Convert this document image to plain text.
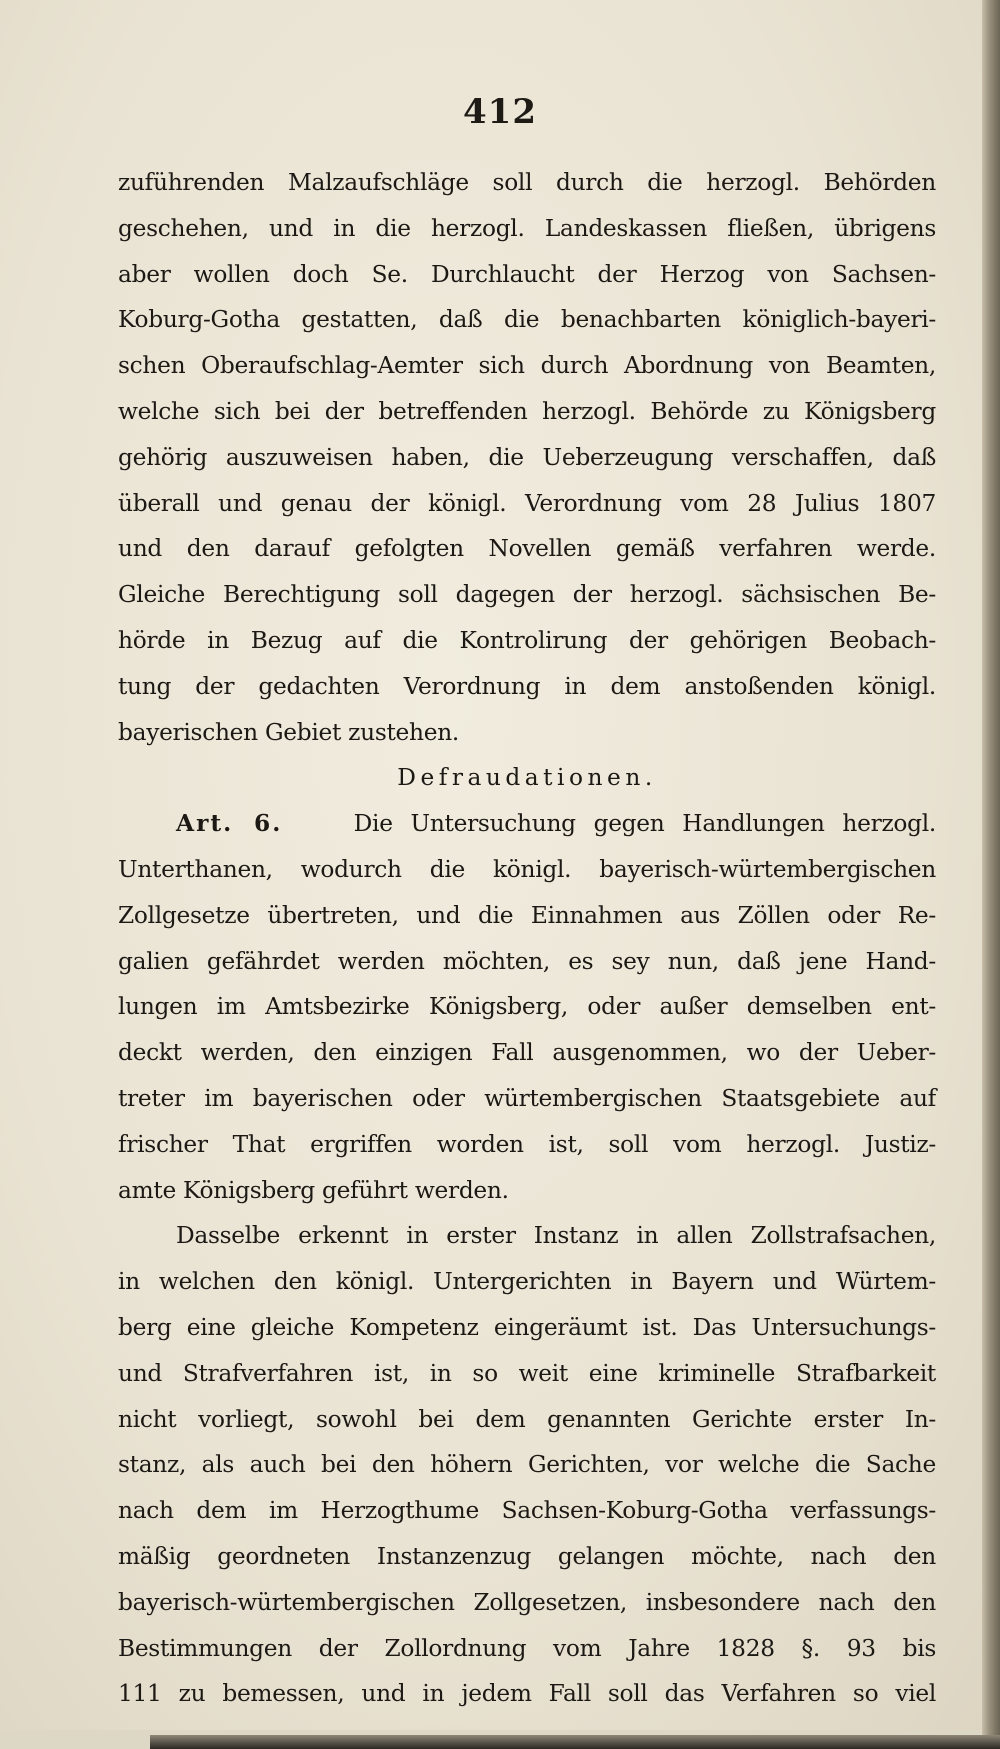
412
zuführenden Malzaufschläge soll durch die herzogl. Behörden
geschehen, und in die herzogl. Landeskassen fließen, übrigens
aber wollen doch Se. Durchlaucht der Herzog von Sachsen-
Koburg-Gotha gestatten, daß die benachbarten königlich-bayeri-
schen Oberaufschlag-Aemter sich durch Abordnung von Beamten,
welche sich bei der betreffenden herzogl. Behörde zu Königsberg
gehörig auszuweisen haben, die Ueberzeugung verschaffen, daß
überall und genau der königl. Verordnung vom 28 Julius 1807
und den darauf gefolgten Novellen gemäß verfahren werde.
Gleiche Berechtigung soll dagegen der herzogl. sächsischen Be-
hörde in Bezug auf die Kontrolirung der gehörigen Beobach-
tung der gedachten Verordnung in dem anstoßenden königl.
bayerischen Gebiet zustehen.
Defraudationen.
Art. 6.	Die Untersuchung gegen Handlungen herzogl.
Unterthanen, wodurch die königl. bayerisch-würtembergischen
Zollgesetze übertreten, und die Einnahmen aus Zöllen oder Re-
galien gefährdet werden möchten, es sey nun, daß jene Hand-
lungen im Amtsbezirke Königsberg, oder außer demselben ent-
deckt werden, den einzigen Fall ausgenommen, wo der Ueber-
treter im bayerischen oder würtembergischen Staatsgebiete auf
frischer That ergriffen worden ist, soll vom herzogl. Justiz-
amte Königsberg geführt werden.
Dasselbe erkennt in erster Instanz in allen Zollstrafsachen,
in welchen den königl. Untergerichten in Bayern und Würtem-
berg eine gleiche Kompetenz eingeräumt ist. Das Untersuchungs-
und Strafverfahren ist, in so weit eine kriminelle Strafbarkeit
nicht vorliegt, sowohl bei dem genannten Gerichte erster In-
stanz, als auch bei den höhern Gerichten, vor welche die Sache
nach dem im Herzogthume Sachsen-Koburg-Gotha verfassungs-
mäßig geordneten Instanzenzug gelangen möchte, nach den
bayerisch-würtembergischen Zollgesetzen, insbesondere nach den
Bestimmungen der Zollordnung vom Jahre 1828 §. 93 bis
111 zu bemessen, und in jedem Fall soll das Verfahren so viel
